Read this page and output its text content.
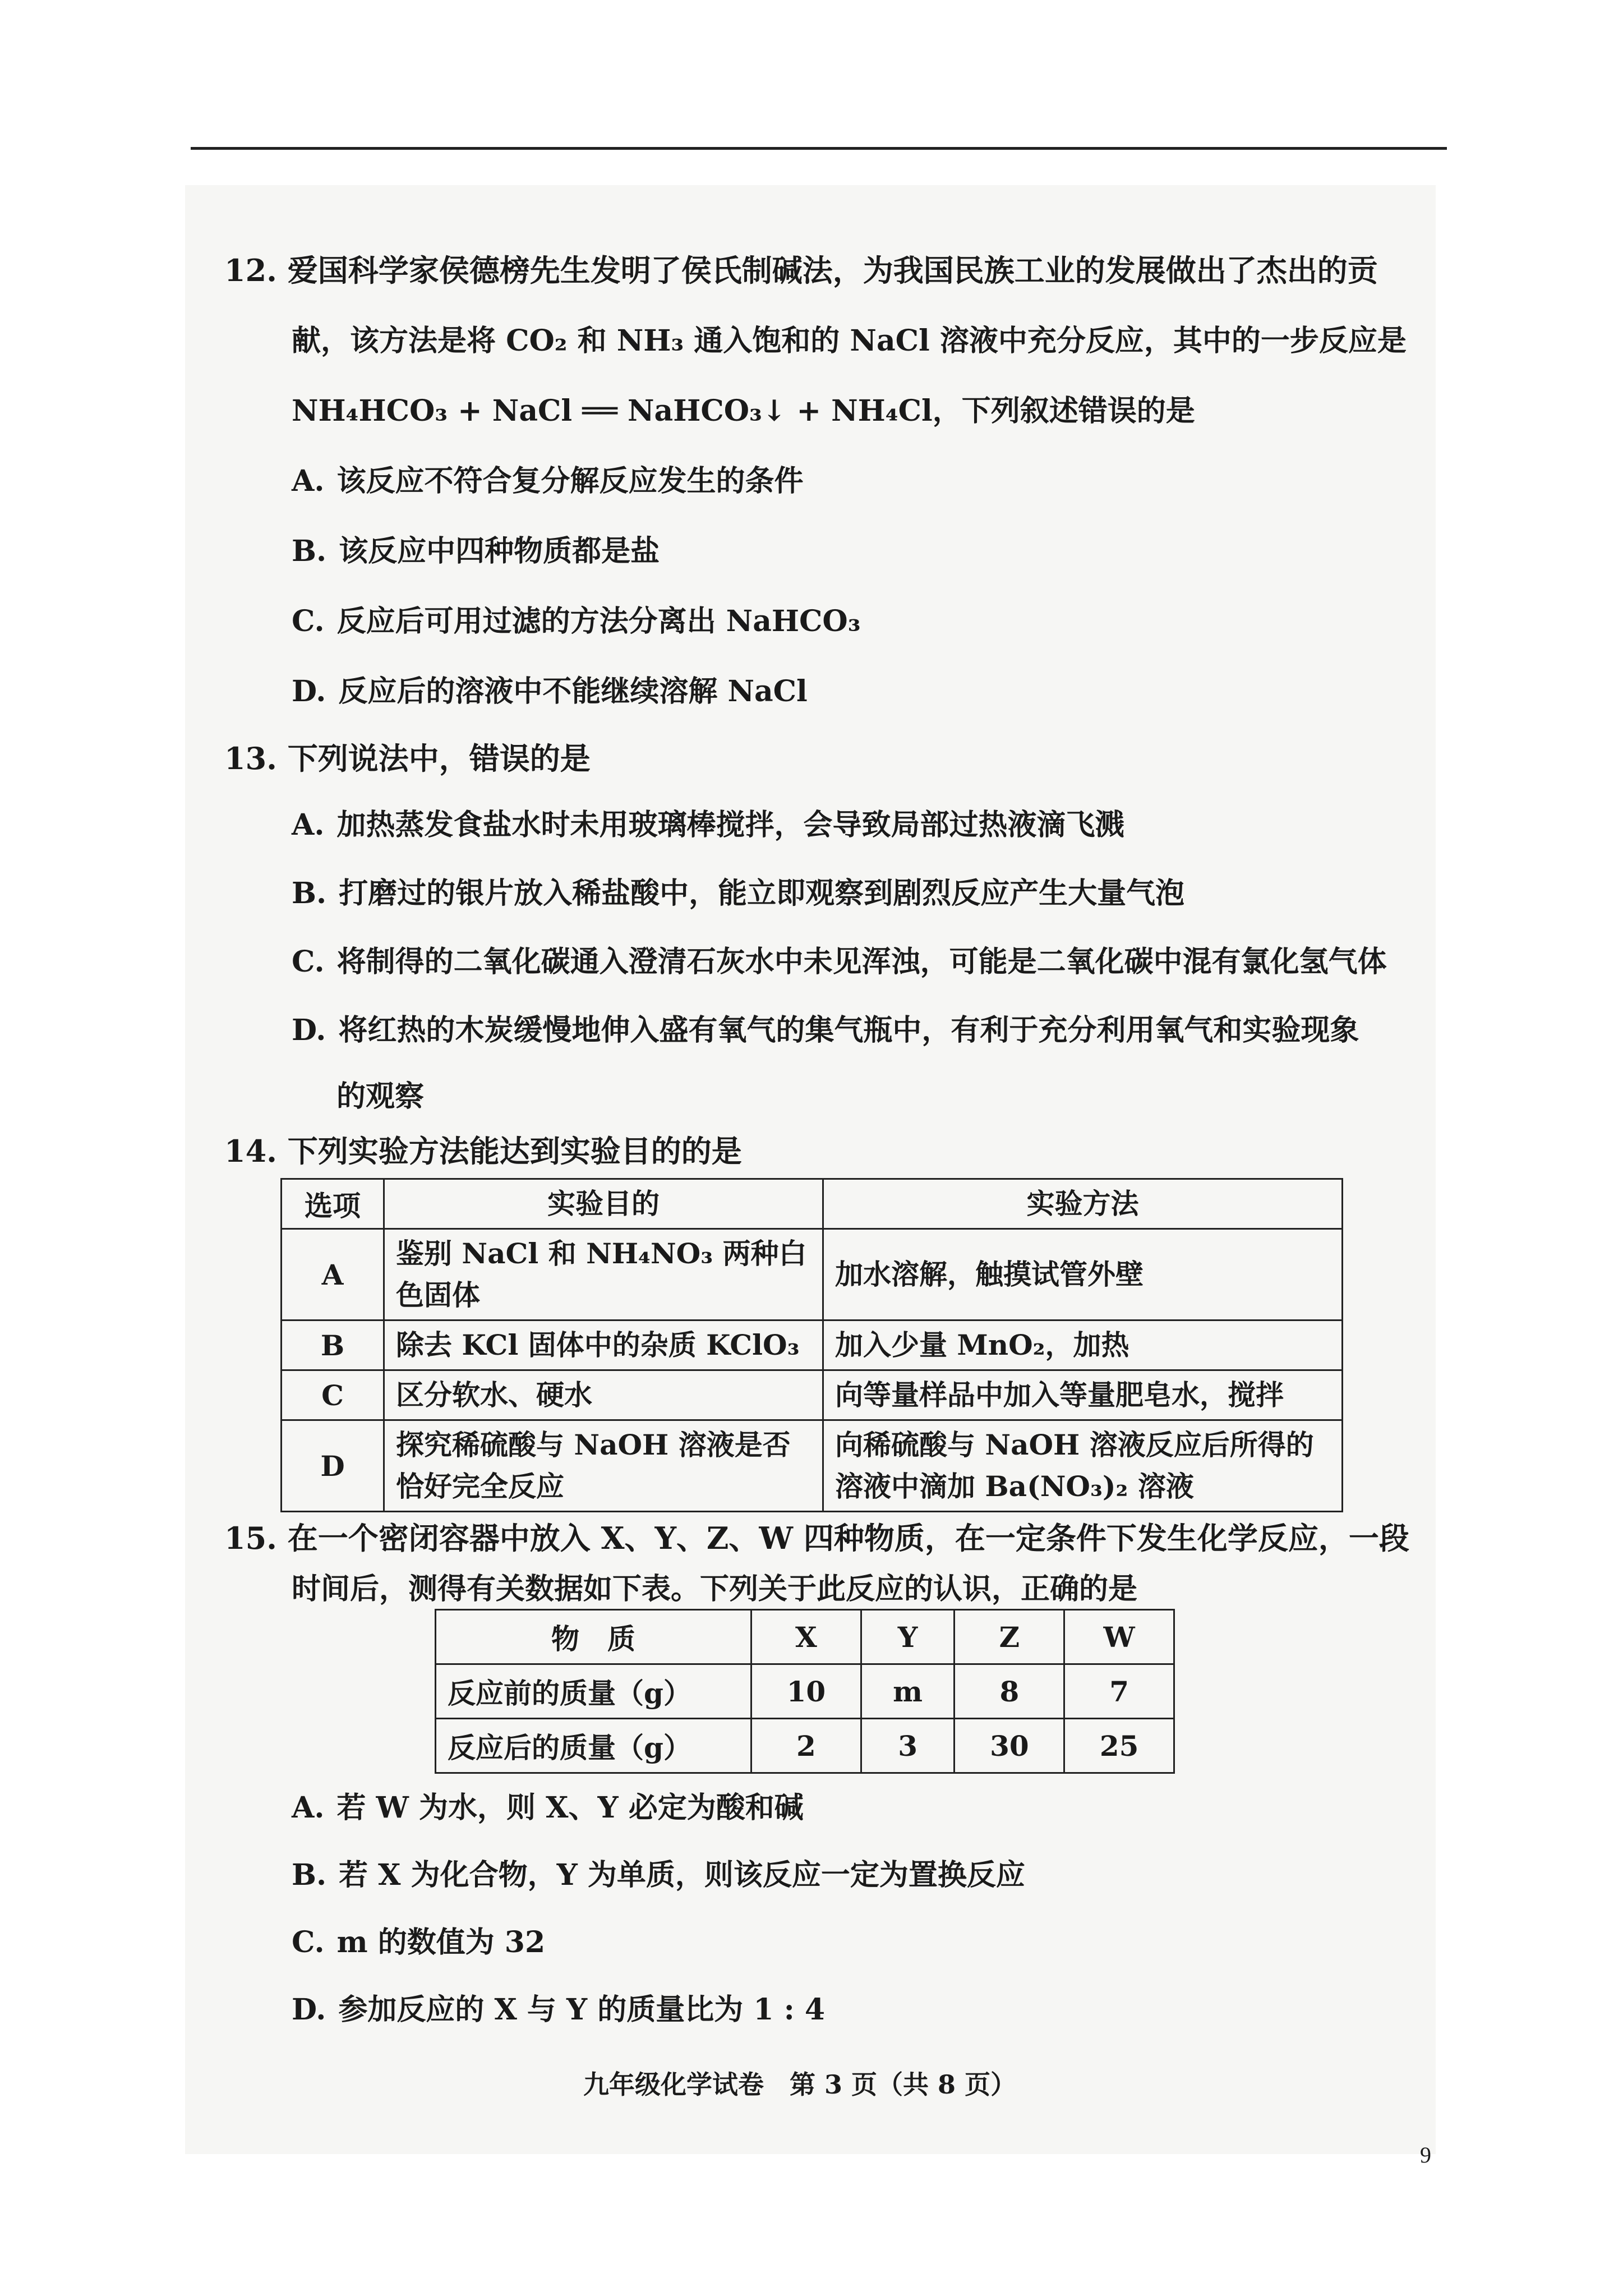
12. 爱国科学家侯德榜先生发明了侯氏制碱法，为我国民族工业的发展做出了杰出的贡
献，该方法是将 CO₂ 和 NH₃ 通入饱和的 NaCl 溶液中充分反应，其中的一步反应是
NH₄HCO₃ + NaCl ══ NaHCO₃↓ + NH₄Cl，下列叙述错误的是
A. 该反应不符合复分解反应发生的条件
B. 该反应中四种物质都是盐
C. 反应后可用过滤的方法分离出 NaHCO₃
D. 反应后的溶液中不能继续溶解 NaCl
13. 下列说法中，错误的是
A. 加热蒸发食盐水时未用玻璃棒搅拌，会导致局部过热液滴飞溅
B. 打磨过的银片放入稀盐酸中，能立即观察到剧烈反应产生大量气泡
C. 将制得的二氧化碳通入澄清石灰水中未见浑浊，可能是二氧化碳中混有氯化氢气体
D. 将红热的木炭缓慢地伸入盛有氧气的集气瓶中，有利于充分利用氧气和实验现象
的观察
14. 下列实验方法能达到实验目的的是
选项	实验目的	实验方法
A	鉴别 NaCl 和 NH₄NO₃ 两种白色固体	加水溶解，触摸试管外壁
B	除去 KCl 固体中的杂质 KClO₃	加入少量 MnO₂，加热
C	区分软水、硬水	向等量样品中加入等量肥皂水，搅拌
D	探究稀硫酸与 NaOH 溶液是否恰好完全反应	向稀硫酸与 NaOH 溶液反应后所得的溶液中滴加 Ba(NO₃)₂ 溶液
15. 在一个密闭容器中放入 X、Y、Z、W 四种物质，在一定条件下发生化学反应，一段
时间后，测得有关数据如下表。下列关于此反应的认识，正确的是
物　质	X	Y	Z	W
反应前的质量（g）	10	m	8	7
反应后的质量（g）	2	3	30	25
A. 若 W 为水，则 X、Y 必定为酸和碱
B. 若 X 为化合物，Y 为单质，则该反应一定为置换反应
C. m 的数值为 32
D. 参加反应的 X 与 Y 的质量比为 1 : 4
九年级化学试卷　第 3 页（共 8 页）
9
